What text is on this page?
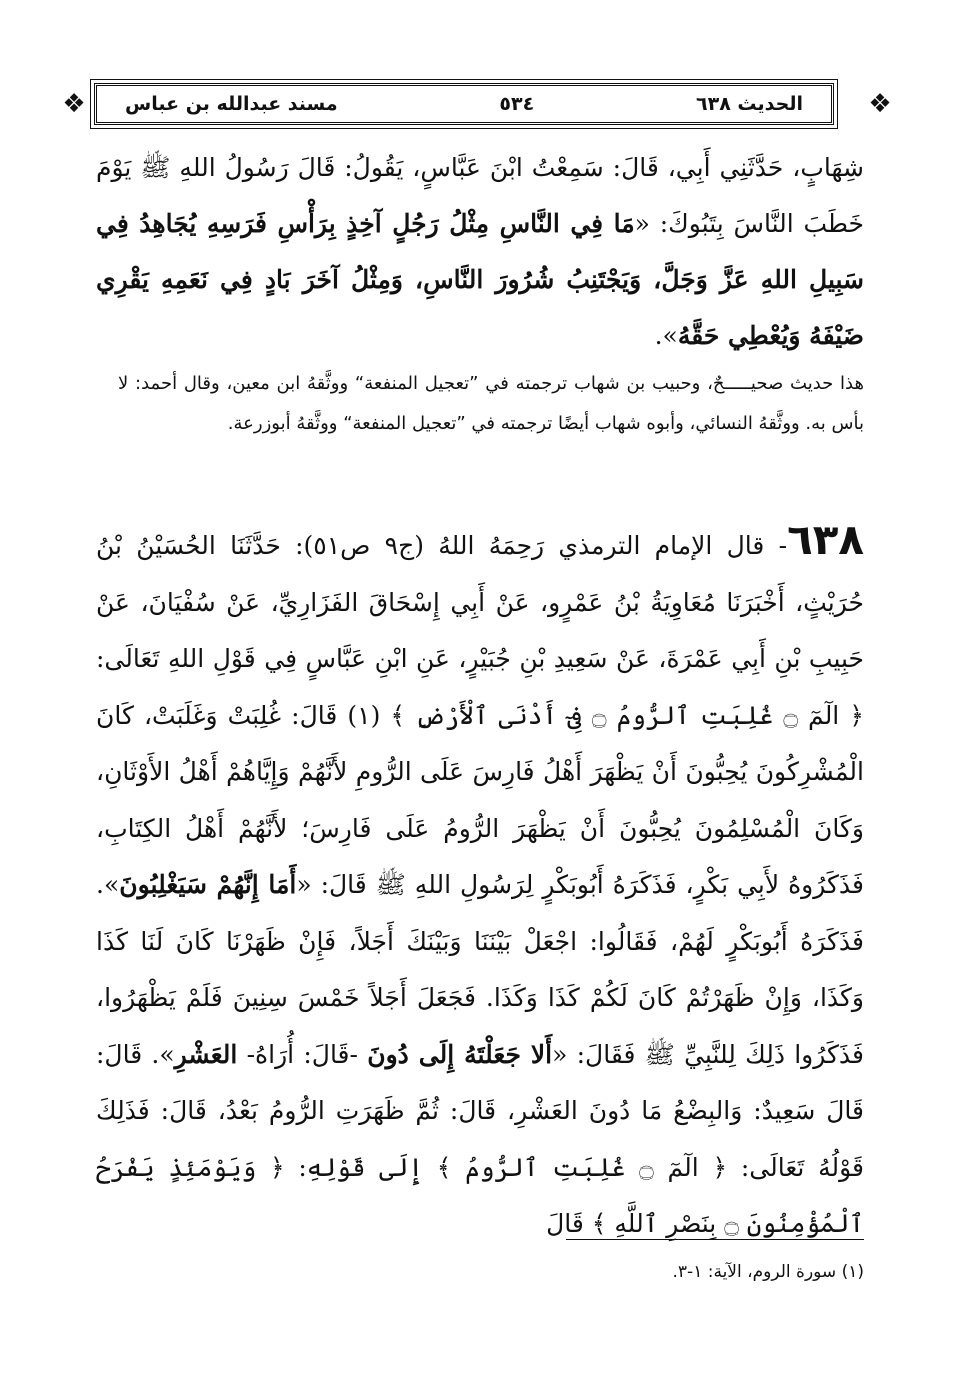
❖	مسند عبدالله بن عباس	٥٣٤	الحديث ٦٣٨	❖
شِهَابٍ، حَدَّثَنِي أَبِي، قَالَ: سَمِعْتُ ابْنَ عَبَّاسٍ، يَقُولُ: قَالَ رَسُولُ اللهِ ﷺ يَوْمَ خَطَبَ النَّاسَ بِتَبُوكَ: «مَا فِي النَّاسِ مِثْلُ رَجُلٍ آخِذٍ بِرَأْسِ فَرَسِهِ يُجَاهِدُ فِي سَبِيلِ اللهِ عَزَّ وَجَلَّ، وَيَجْتَنِبُ شُرُورَ النَّاسِ، وَمِثْلُ آخَرَ بَادٍ فِي نَعَمِهِ يَقْرِي ضَيْفَهُ وَيُعْطِي حَقَّهُ».
هذا حديث صحيـــــحٌ، وحبيب بن شهاب ترجمته في ”تعجيل المنفعة“ ووثَّقهُ ابن معين، وقال أحمد: لا بأس به. ووثَّقهُ النسائي، وأبوه شهاب أيضًا ترجمته في ”تعجيل المنفعة“ ووثَّقهُ أبوزرعة.
٦٣٨- قال الإمام الترمذي رَحِمَهُ اللهُ (ج٩ ص٥١): حَدَّثَنَا الحُسَيْنُ بْنُ حُرَيْثٍ، أَخْبَرَنَا مُعَاوِيَةُ بْنُ عَمْرٍو، عَنْ أَبِي إِسْحَاقَ الفَزَارِيِّ، عَنْ سُفْيَانَ، عَنْ حَبِيبِ بْنِ أَبِي عَمْرَةَ، عَنْ سَعِيدِ بْنِ جُبَيْرٍ، عَنِ ابْنِ عَبَّاسٍ فِي قَوْلِ اللهِ تَعَالَى: ﴿ الٓمٓ ۝ غُلِبَتِ ٱلرُّومُ ۝ فِىٓ أَدْنَى ٱلْأَرْضِ ﴾ (١) قَالَ: غُلِبَتْ وَغَلَبَتْ، كَانَ الْمُشْرِكُونَ يُحِبُّونَ أَنْ يَظْهَرَ أَهْلُ فَارِسَ عَلَى الرُّومِ لأَنَّهُمْ وَإِيَّاهُمْ أَهْلُ الأَوْثَانِ، وَكَانَ الْمُسْلِمُونَ يُحِبُّونَ أَنْ يَظْهَرَ الرُّومُ عَلَى فَارِسَ؛ لأَنَّهُمْ أَهْلُ الكِتَابِ، فَذَكَرُوهُ لأَبِي بَكْرٍ، فَذَكَرَهُ أَبُوبَكْرٍ لِرَسُولِ اللهِ ﷺ قَالَ: «أَمَا إِنَّهُمْ سَيَغْلِبُونَ». فَذَكَرَهُ أَبُوبَكْرٍ لَهُمْ، فَقَالُوا: اجْعَلْ بَيْنَنَا وَبَيْنَكَ أَجَلاً، فَإِنْ ظَهَرْنَا كَانَ لَنَا كَذَا وَكَذَا، وَإِنْ ظَهَرْتُمْ كَانَ لَكُمْ كَذَا وَكَذَا. فَجَعَلَ أَجَلاً خَمْسَ سِنِينَ فَلَمْ يَظْهَرُوا، فَذَكَرُوا ذَلِكَ لِلنَّبِيِّ ﷺ فَقَالَ: «أَلا جَعَلْتَهُ إِلَى دُونَ -قَالَ: أُرَاهُ- العَشْرِ». قَالَ: قَالَ سَعِيدٌ: وَالبِضْعُ مَا دُونَ العَشْرِ، قَالَ: ثُمَّ ظَهَرَتِ الرُّومُ بَعْدُ، قَالَ: فَذَلِكَ قَوْلُهُ تَعَالَى: ﴿ الٓمٓ ۝ غُلِبَتِ ٱلرُّومُ ﴾ إِلَى قَوْلِهِ: ﴿ وَيَوْمَئِذٍ يَفْرَحُ ٱلْمُؤْمِنُونَ ۝ بِنَصْرِ ٱللَّهِ ﴾ قَالَ
(١) سورة الروم، الآية: ١-٣.
